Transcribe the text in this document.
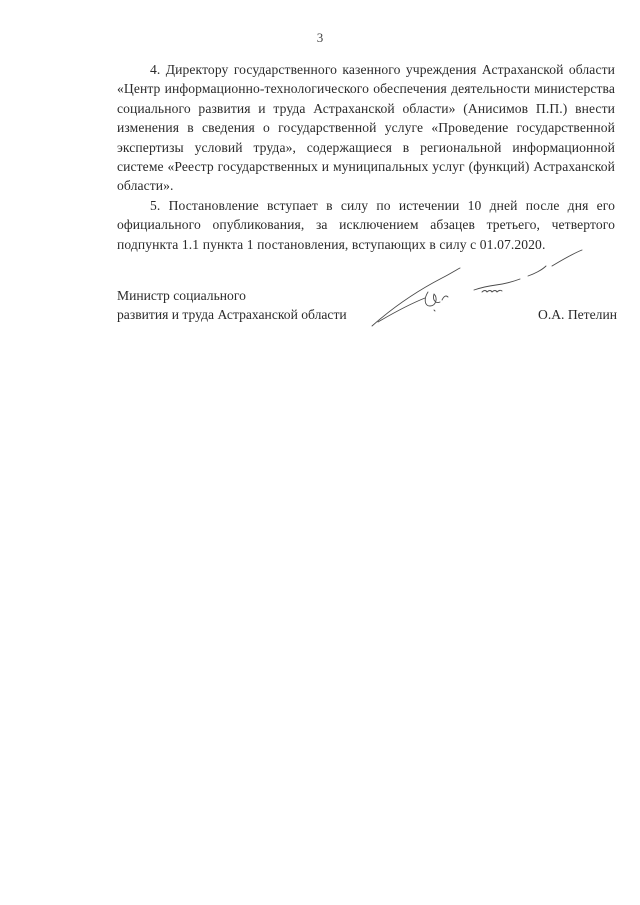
3

4. Директору государственного казенного учреждения Астраханской области «Центр информационно-технологического обеспечения деятельности министерства социального развития и труда Астраханской области» (Анисимов П.П.) внести изменения в сведения о государственной услуге «Проведение государственной экспертизы условий труда», содержащиеся в региональной информационной системе «Реестр государственных и муниципальных услуг (функций) Астраханской области».

5. Постановление вступает в силу по истечении 10 дней после дня его официального опубликования, за исключением абзацев третьего, четвертого подпункта 1.1 пункта 1 постановления, вступающих в силу с 01.07.2020.

Министр социального
развития и труда Астраханской области	О.А. Петелин
